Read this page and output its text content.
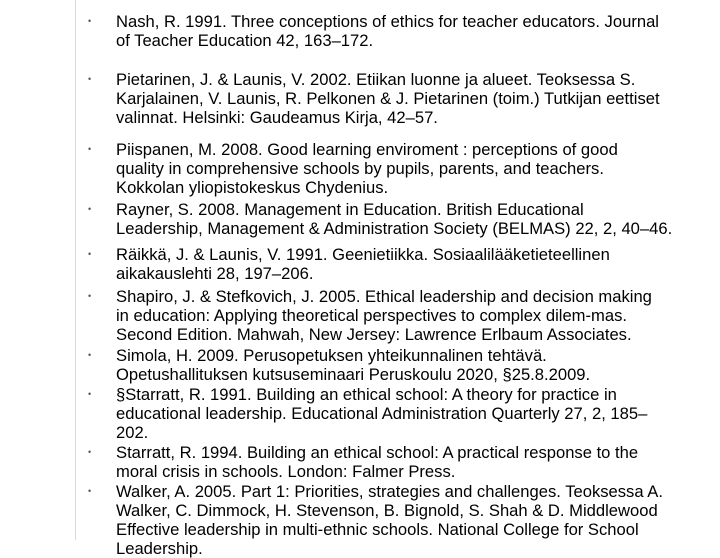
• Nash, R. 1991. Three conceptions of ethics for teacher educators. Journal
of Teacher Education 42, 163–172.
• Pietarinen, J. & Launis, V. 2002. Etiikan luonne ja alueet. Teoksessa S.
Karjalainen, V. Launis, R. Pelkonen & J. Pietarinen (toim.) Tutkijan eettiset
valinnat. Helsinki: Gaudeamus Kirja, 42–57.
• Piispanen, M. 2008. Good learning enviroment : perceptions of good
quality in comprehensive schools by pupils, parents, and teachers.
Kokkolan yliopistokeskus Chydenius.
• Rayner, S. 2008. Management in Education. British Educational
Leadership, Management & Administration Society (BELMAS) 22, 2, 40–46.
• Räikkä, J. & Launis, V. 1991. Geenietiikka. Sosiaalilääketieteellinen
aikakauslehti 28, 197–206.
• Shapiro, J. & Stefkovich, J. 2005. Ethical leadership and decision making
in education: Applying theoretical perspectives to complex dilem-mas.
Second Edition. Mahwah, New Jersey: Lawrence Erlbaum Associates.
• Simola, H. 2009. Perusopetuksen yhteikunnalinen tehtävä.
Opetushallituksen kutsuseminaari Peruskoulu 2020, §25.8.2009.
• §Starratt, R. 1991. Building an ethical school: A theory for practice in
educational leadership. Educational Administration Quarterly 27, 2, 185–
202.
• Starratt, R. 1994. Building an ethical school: A practical response to the
moral crisis in schools. London: Falmer Press.
• Walker, A. 2005. Part 1: Priorities, strategies and challenges. Teoksessa A.
Walker, C. Dimmock, H. Stevenson, B. Bignold, S. Shah & D. Middlewood
Effective leadership in multi-ethnic schools. National College for School
Leadership.
